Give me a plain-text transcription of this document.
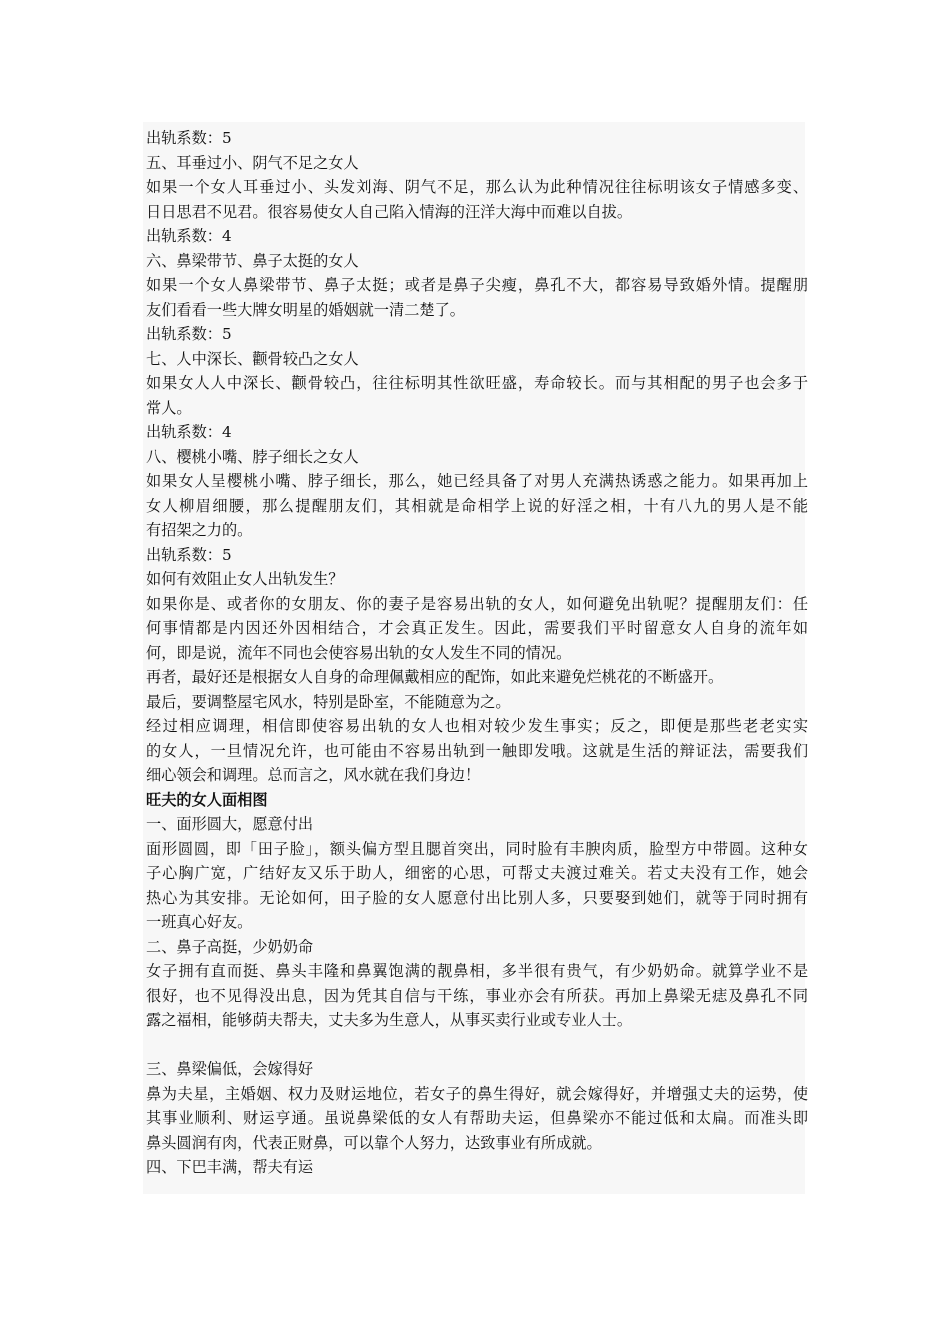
出轨系数：5
五、耳垂过小、阴气不足之女人
如果一个女人耳垂过小、头发刘海、阴气不足，那么认为此种情况往往标明该女子情感多变、
日日思君不见君。很容易使女人自己陷入情海的汪洋大海中而难以自拔。
出轨系数：4
六、鼻梁带节、鼻子太挺的女人
如果一个女人鼻梁带节、鼻子太挺；或者是鼻子尖瘦，鼻孔不大，都容易导致婚外情。提醒朋
友们看看一些大牌女明星的婚姻就一清二楚了。
出轨系数：5
七、人中深长、颧骨较凸之女人
如果女人人中深长、颧骨较凸，往往标明其性欲旺盛，寿命较长。而与其相配的男子也会多于
常人。
出轨系数：4
八、樱桃小嘴、脖子细长之女人
如果女人呈樱桃小嘴、脖子细长，那么，她已经具备了对男人充满热诱惑之能力。如果再加上
女人柳眉细腰，那么提醒朋友们，其相就是命相学上说的好淫之相，十有八九的男人是不能
有招架之力的。
出轨系数：5
如何有效阻止女人出轨发生？
如果你是、或者你的女朋友、你的妻子是容易出轨的女人，如何避免出轨呢？提醒朋友们：任
何事情都是内因还外因相结合，才会真正发生。因此，需要我们平时留意女人自身的流年如
何，即是说，流年不同也会使容易出轨的女人发生不同的情况。
再者，最好还是根据女人自身的命理佩戴相应的配饰，如此来避免烂桃花的不断盛开。
最后，要调整屋宅风水，特别是卧室，不能随意为之。
经过相应调理，相信即使容易出轨的女人也相对较少发生事实；反之，即便是那些老老实实
的女人，一旦情况允许，也可能由不容易出轨到一触即发哦。这就是生活的辩证法，需要我们
细心领会和调理。总而言之，风水就在我们身边！
旺夫的女人面相图
一、面形圆大，愿意付出
面形圆圆，即「田子脸」，额头偏方型且腮首突出，同时脸有丰腴肉质，脸型方中带圆。这种女
子心胸广宽，广结好友又乐于助人，细密的心思，可帮丈夫渡过难关。若丈夫没有工作，她会
热心为其安排。无论如何，田子脸的女人愿意付出比别人多，只要娶到她们，就等于同时拥有
一班真心好友。
二、鼻子高挺，少奶奶命
女子拥有直而挺、鼻头丰隆和鼻翼饱满的靓鼻相，多半很有贵气，有少奶奶命。就算学业不是
很好，也不见得没出息，因为凭其自信与干练，事业亦会有所获。再加上鼻梁无痣及鼻孔不同
露之福相，能够荫夫帮夫，丈夫多为生意人，从事买卖行业或专业人士。
三、鼻梁偏低，会嫁得好
鼻为夫星，主婚姻、权力及财运地位，若女子的鼻生得好，就会嫁得好，并增强丈夫的运势，使
其事业顺利、财运亨通。虽说鼻梁低的女人有帮助夫运，但鼻梁亦不能过低和太扁。而准头即
鼻头圆润有肉，代表正财鼻，可以靠个人努力，达致事业有所成就。
四、下巴丰满，帮夫有运
